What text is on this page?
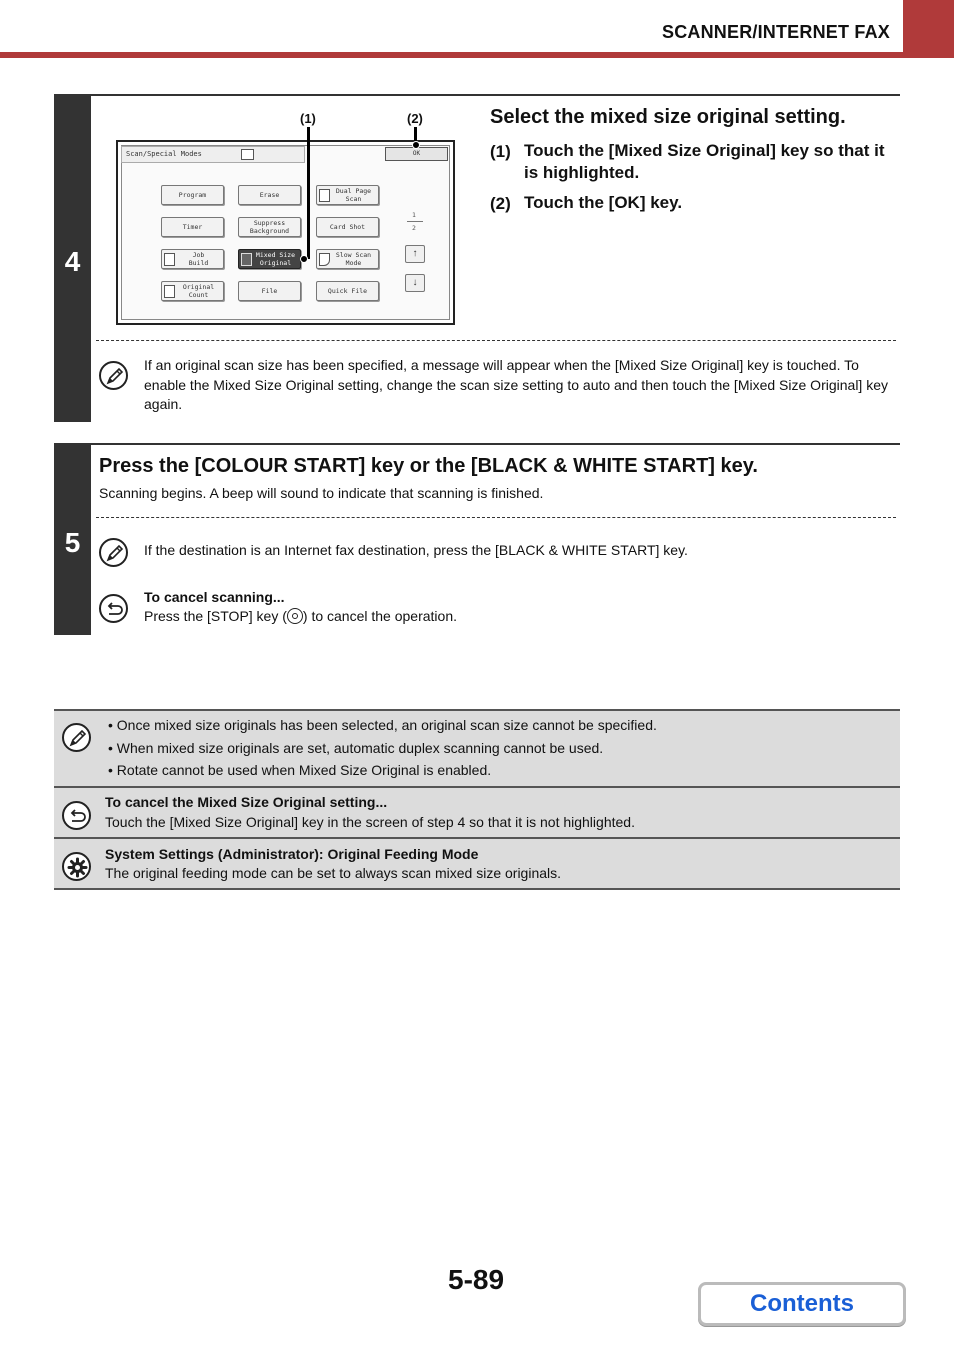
SCANNER/INTERNET FAX
4
Scan/Special Modes	OK
Program	Erase	Dual Page
Scan
Timer	Suppress
Background	Card Shot
Job
Build
Mixed Size
Original
Slow Scan
Mode
Original
Count	File	Quick File
1
2
↑
↓
(1)	(2)	Select the mixed size original setting.
(1) Touch the [Mixed Size Original] key so that it is highlighted.
(2) Touch the [OK] key.
If an original scan size has been specified, a message will appear when the [Mixed Size Original] key is touched. To enable the Mixed Size Original setting, change the scan size setting to auto and then touch the [Mixed Size Original] key again.
5
Press the [COLOUR START] key or the [BLACK & WHITE START] key.
Scanning begins. A beep will sound to indicate that scanning is finished.
If the destination is an Internet fax destination, press the [BLACK & WHITE START] key.
To cancel scanning...
Press the [STOP] key ( ) to cancel the operation.
• Once mixed size originals has been selected, an original scan size cannot be specified.
• When mixed size originals are set, automatic duplex scanning cannot be used.
• Rotate cannot be used when Mixed Size Original is enabled.
To cancel the Mixed Size Original setting...
Touch the [Mixed Size Original] key in the screen of step 4 so that it is not highlighted.
System Settings (Administrator): Original Feeding Mode
The original feeding mode can be set to always scan mixed size originals.
5-89
Contents
